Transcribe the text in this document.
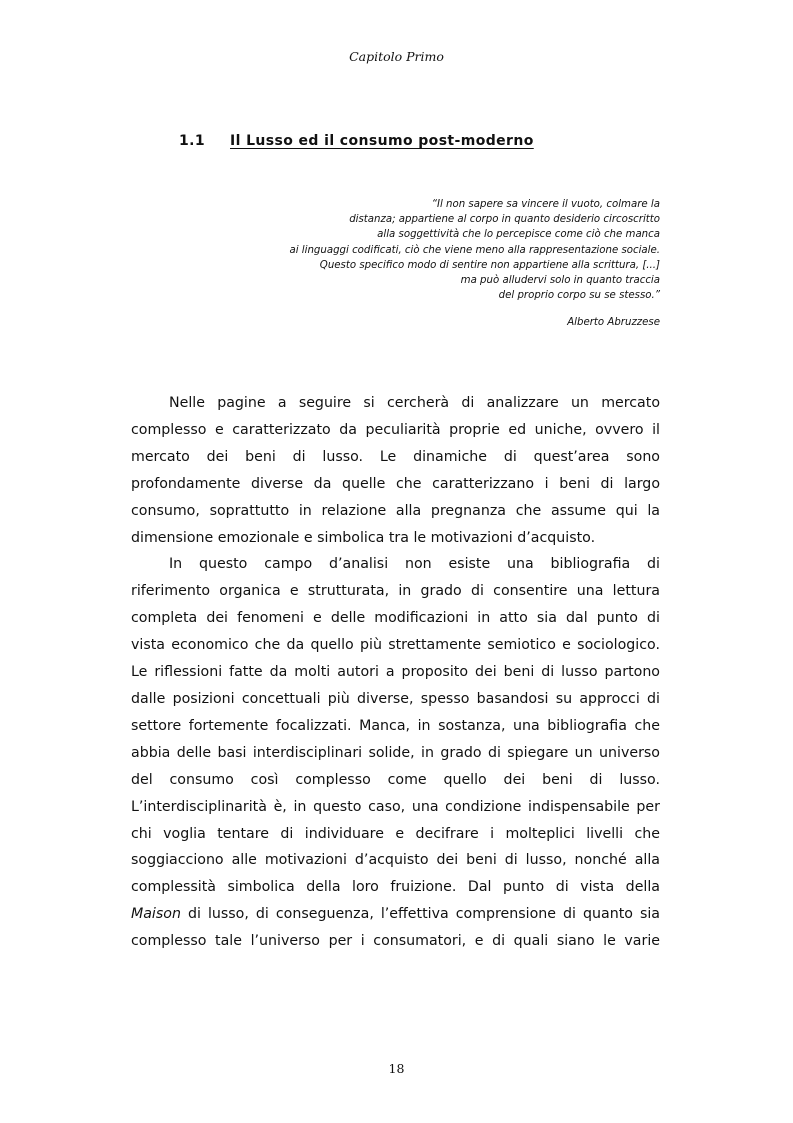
Capitolo Primo
1.1 Il Lusso ed il consumo post-moderno
“Il non sapere sa vincere il vuoto, colmare la
distanza; appartiene al corpo in quanto desiderio circoscritto
alla soggettività che lo percepisce come ciò che manca
ai linguaggi codificati, ciò che viene meno alla rappresentazione sociale.
Questo specifico modo di sentire non appartiene alla scrittura, [...]
ma può alludervi solo in quanto traccia
del proprio corpo su se stesso.”
Alberto Abruzzese

Nelle pagine a seguire si cercherà di analizzare un mercato
complesso e caratterizzato da peculiarità proprie ed uniche, ovvero il
mercato dei beni di lusso. Le dinamiche di quest’area sono
profondamente diverse da quelle che caratterizzano i beni di largo
consumo, soprattutto in relazione alla pregnanza che assume qui la
dimensione emozionale e simbolica tra le motivazioni d’acquisto.

In questo campo d’analisi non esiste una bibliografia di
riferimento organica e strutturata, in grado di consentire una lettura
completa dei fenomeni e delle modificazioni in atto sia dal punto di
vista economico che da quello più strettamente semiotico e sociologico.
Le riflessioni fatte da molti autori a proposito dei beni di lusso partono
dalle posizioni concettuali più diverse, spesso basandosi su approcci di
settore fortemente focalizzati. Manca, in sostanza, una bibliografia che
abbia delle basi interdisciplinari solide, in grado di spiegare un universo
del consumo così complesso come quello dei beni di lusso.
L’interdisciplinarità è, in questo caso, una condizione indispensabile per
chi voglia tentare di individuare e decifrare i molteplici livelli che
soggiacciono alle motivazioni d’acquisto dei beni di lusso, nonché alla
complessità simbolica della loro fruizione. Dal punto di vista della
Maison di lusso, di conseguenza, l’effettiva comprensione di quanto sia
complesso tale l’universo per i consumatori, e di quali siano le varie

18
